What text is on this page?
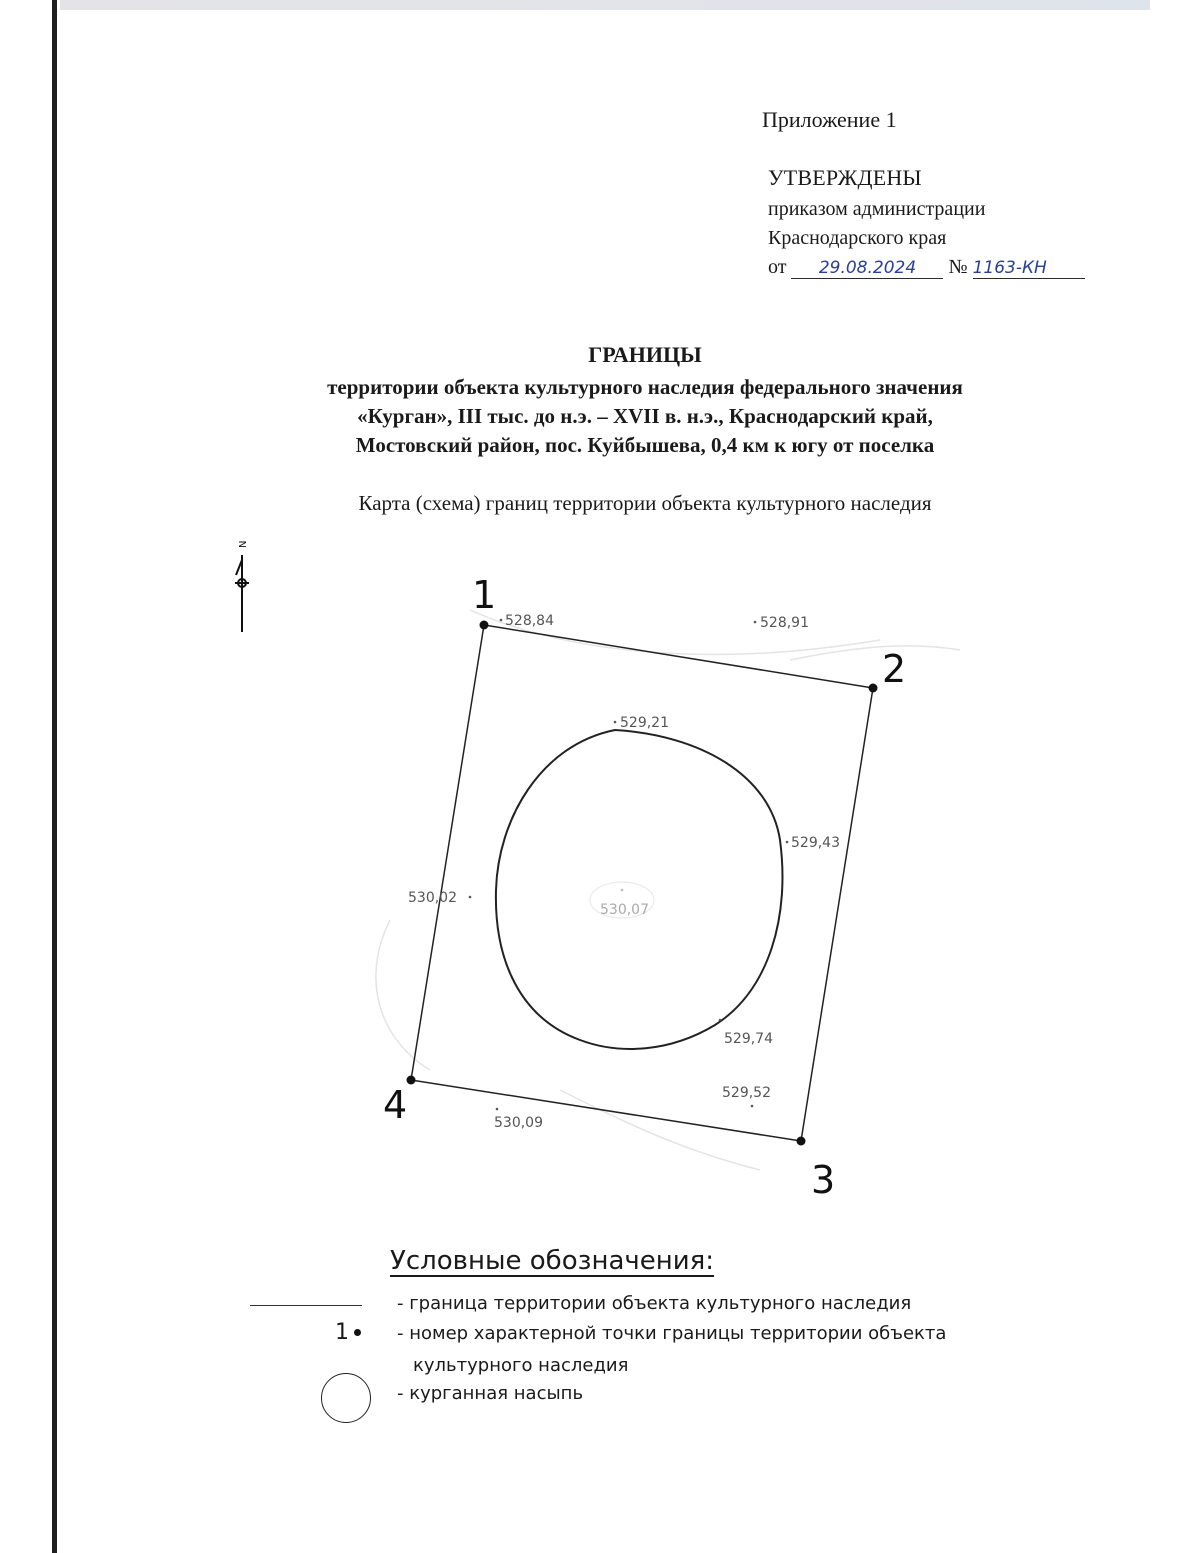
Приложение 1
УТВЕРЖДЕНЫ
приказом администрации
Краснодарского края
от 29.08.2024 № 1163-КН
ГРАНИЦЫ
территории объекта культурного наследия федерального значения
«Курган», III тыс. до н.э. – XVII в. н.э., Краснодарский край,
Мостовский район, пос. Куйбышева, 0,4 км к югу от поселка
Карта (схема) границ территории объекта культурного наследия
N
1
2
3
4
528,84	528,91
529,21
529,43
530,02
530,07
529,74
529,52
530,09
Условные обозначения:
- граница территории объекта культурного наследия
1	- номер характерной точки границы территории объекта
культурного наследия
- курганная насыпь
